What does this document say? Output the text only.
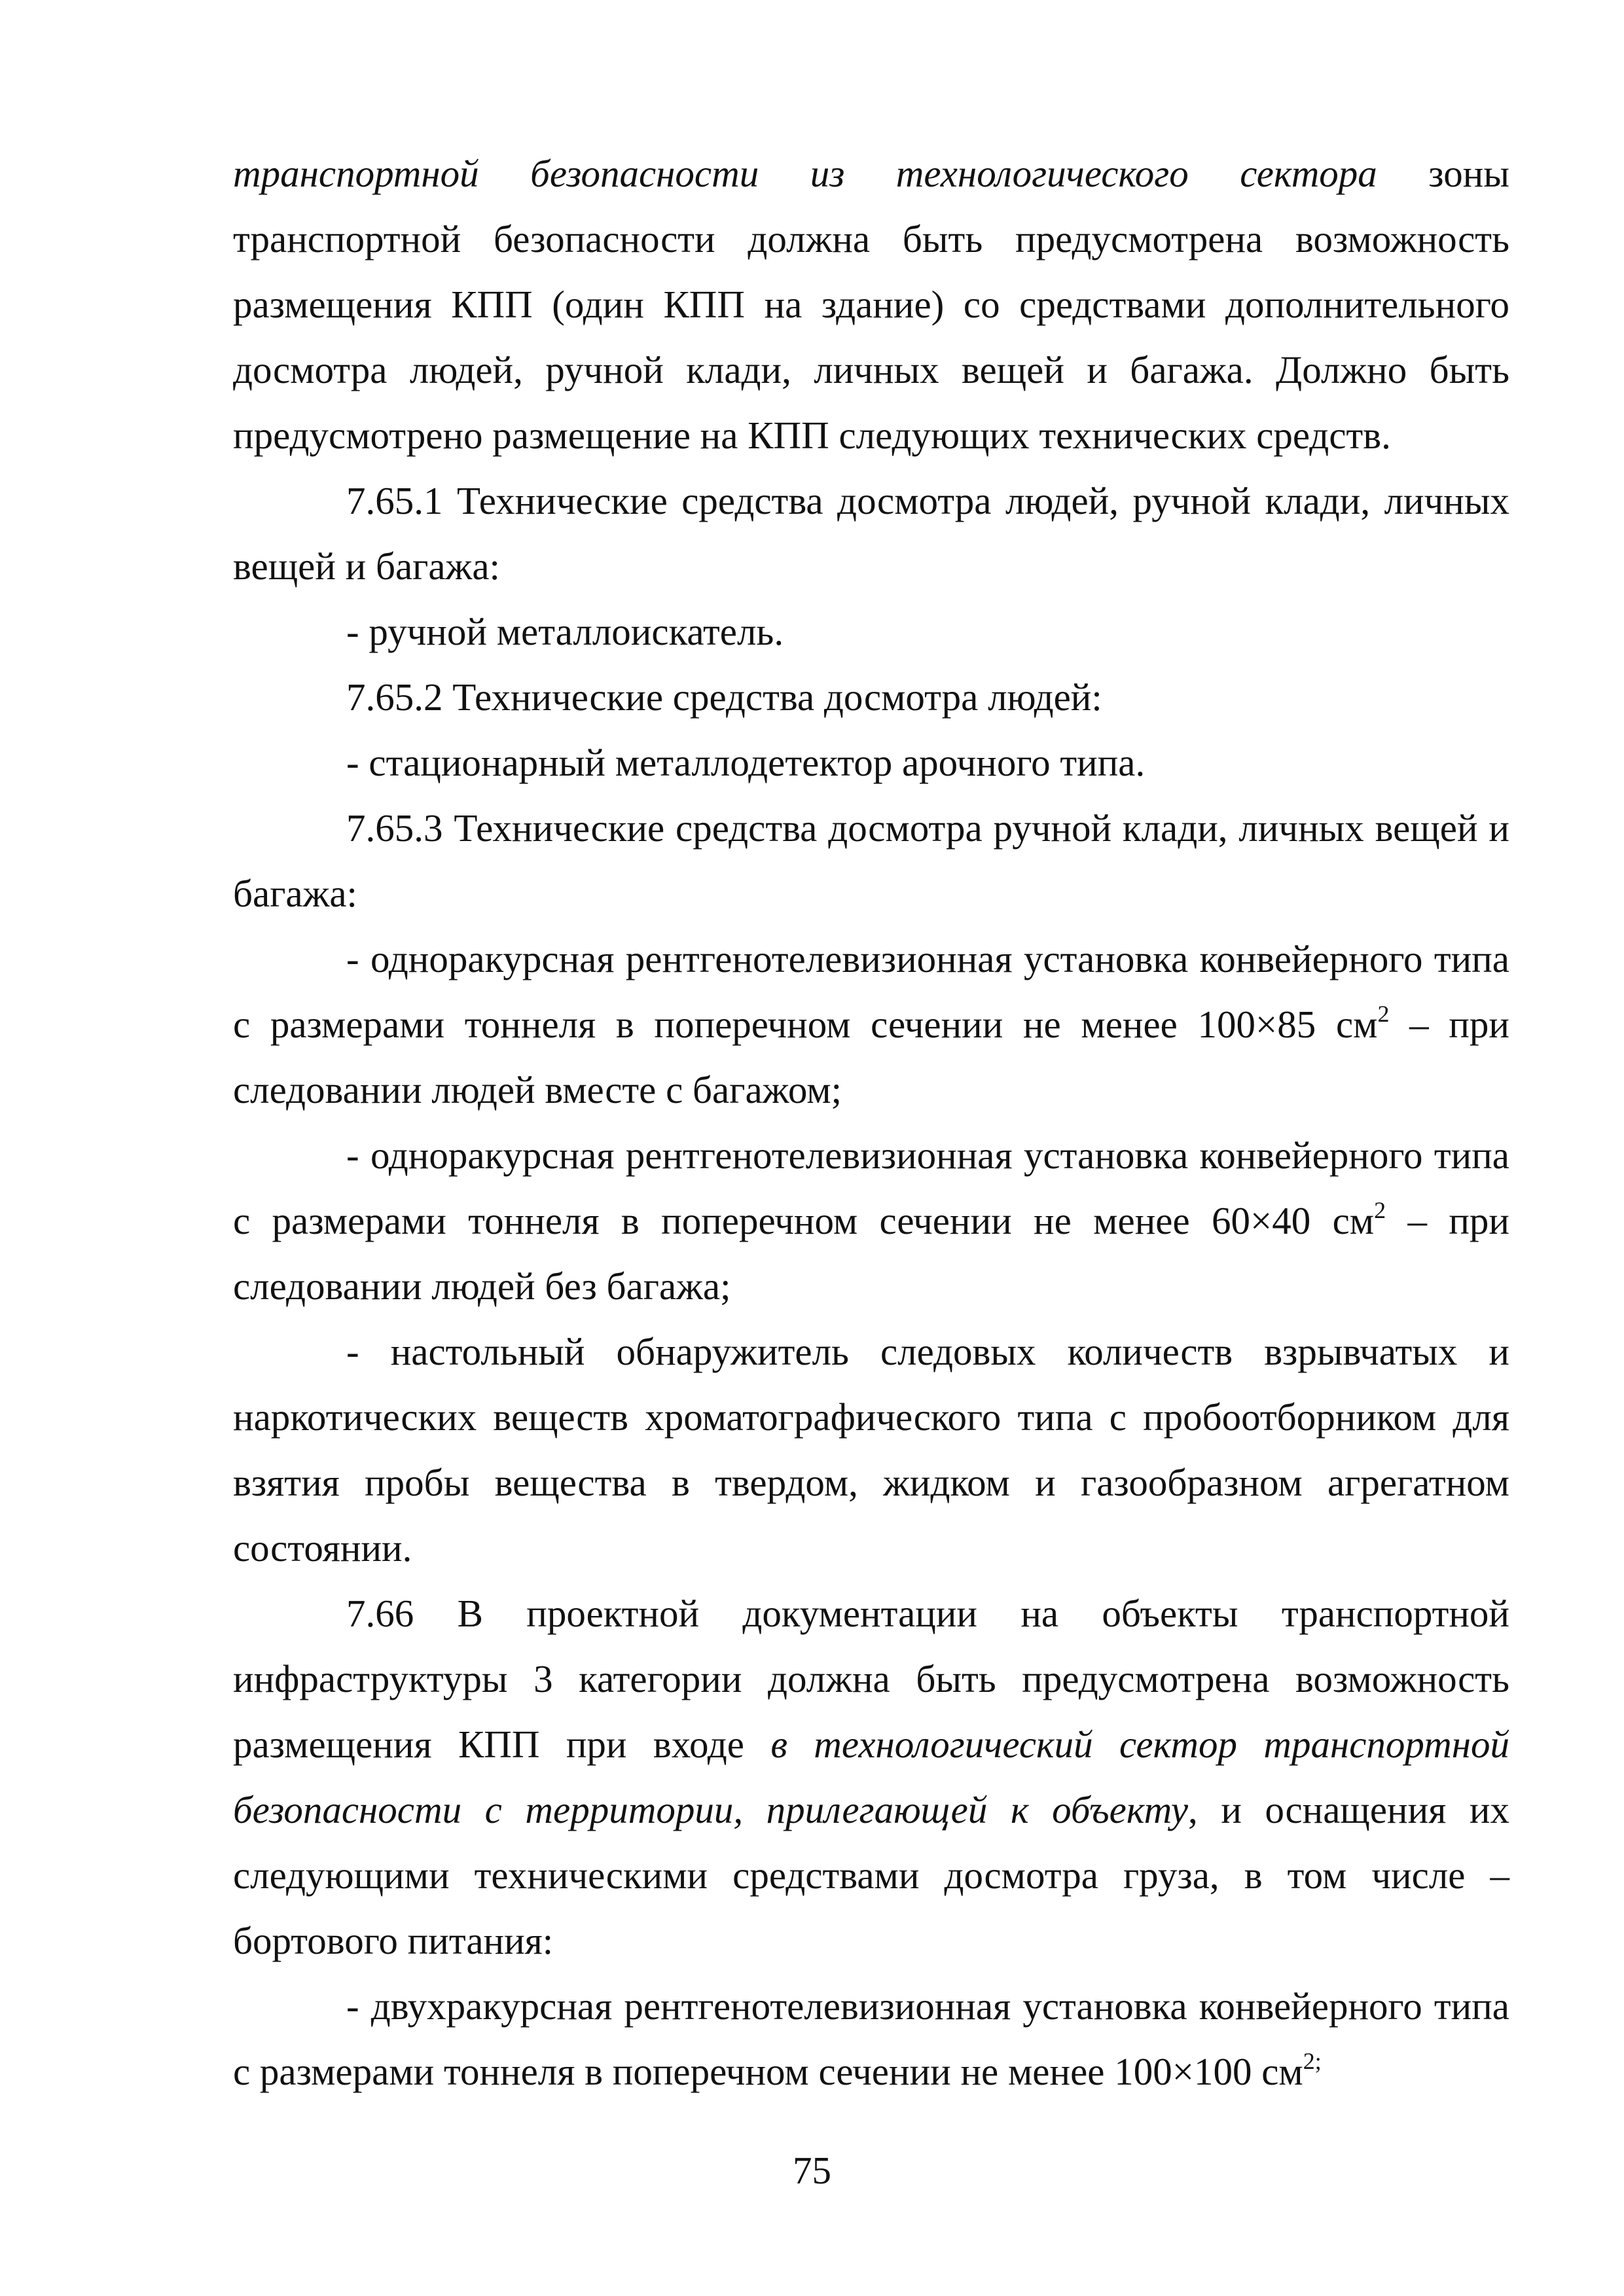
транспортной безопасности из технологического сектора зоны транспортной безопасности должна быть предусмотрена возможность размещения КПП (один КПП на здание) со средствами дополнительного досмотра людей, ручной клади, личных вещей и багажа. Должно быть предусмотрено размещение на КПП следующих технических средств.

7.65.1 Технические средства досмотра людей, ручной клади, личных вещей и багажа:

- ручной металлоискатель.

7.65.2 Технические средства досмотра людей:

- стационарный металлодетектор арочного типа.

7.65.3 Технические средства досмотра ручной клади, личных вещей и багажа:

- одноракурсная рентгенотелевизионная установка конвейерного типа с размерами тоннеля в поперечном сечении не менее 100×85 $см^2$ – при следовании людей вместе с багажом;

- одноракурсная рентгенотелевизионная установка конвейерного типа с размерами тоннеля в поперечном сечении не менее 60×40 $см^2$ – при следовании людей без багажа;

- настольный обнаружитель следовых количеств взрывчатых и наркотических веществ хроматографического типа с пробоотборником для взятия пробы вещества в твердом, жидком и газообразном агрегатном состоянии.

7.66 В проектной документации на объекты транспортной инфраструктуры 3 категории должна быть предусмотрена возможность размещения КПП при входе в технологический сектор транспортной безопасности с территории, прилегающей к объекту, и оснащения их следующими техническими средствами досмотра груза, в том числе – бортового питания:

- двухракурсная рентгенотелевизионная установка конвейерного типа с размерами тоннеля в поперечном сечении не менее 100×100 $см^{2;}$

75
